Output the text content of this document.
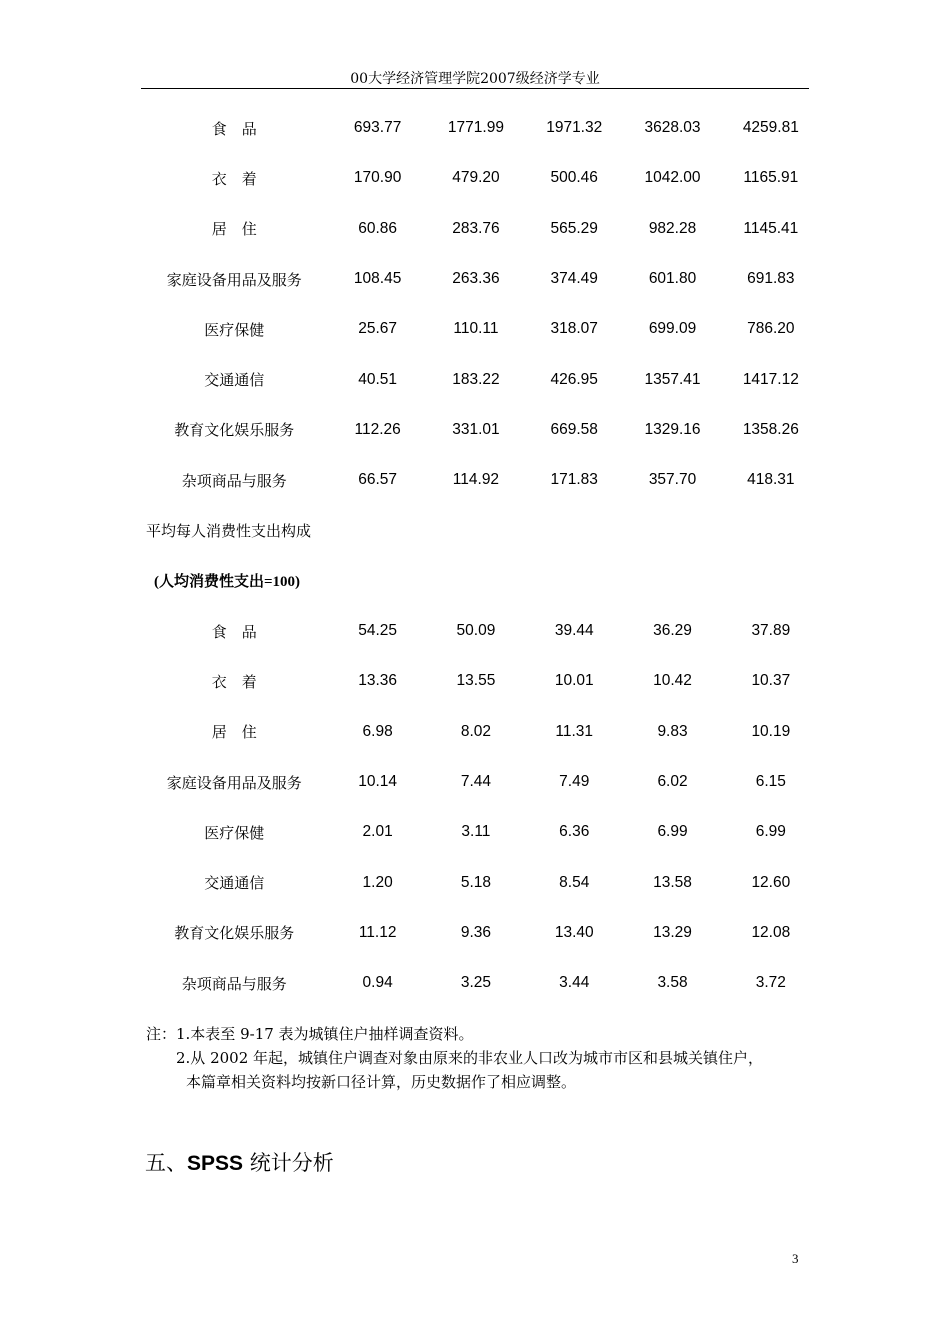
00大学经济管理学院2007级经济学专业
食　品	693.77	1771.99	1971.32	3628.03	4259.81
衣　着	170.90	479.20	500.46	1042.00	1165.91
居　住	60.86	283.76	565.29	982.28	1145.41
家庭设备用品及服务	108.45	263.36	374.49	601.80	691.83
医疗保健	25.67	110.11	318.07	699.09	786.20
交通通信	40.51	183.22	426.95	1357.41	1417.12
教育文化娱乐服务	112.26	331.01	669.58	1329.16	1358.26
杂项商品与服务	66.57	114.92	171.83	357.70	418.31
平均每人消费性支出构成					
(人均消费性支出=100)					
食　品	54.25	50.09	39.44	36.29	37.89
衣　着	13.36	13.55	10.01	10.42	10.37
居　住	6.98	8.02	11.31	9.83	10.19
家庭设备用品及服务	10.14	7.44	7.49	6.02	6.15
医疗保健	2.01	3.11	6.36	6.99	6.99
交通通信	1.20	5.18	8.54	13.58	12.60
教育文化娱乐服务	11.12	9.36	13.40	13.29	12.08
杂项商品与服务	0.94	3.25	3.44	3.58	3.72
注：1.本表至 9-17 表为城镇住户抽样调查资料。
2.从 2002 年起，城镇住户调查对象由原来的非农业人口改为城市市区和县城关镇住户，
本篇章相关资料均按新口径计算，历史数据作了相应调整。
五、SPSS 统计分析
3
